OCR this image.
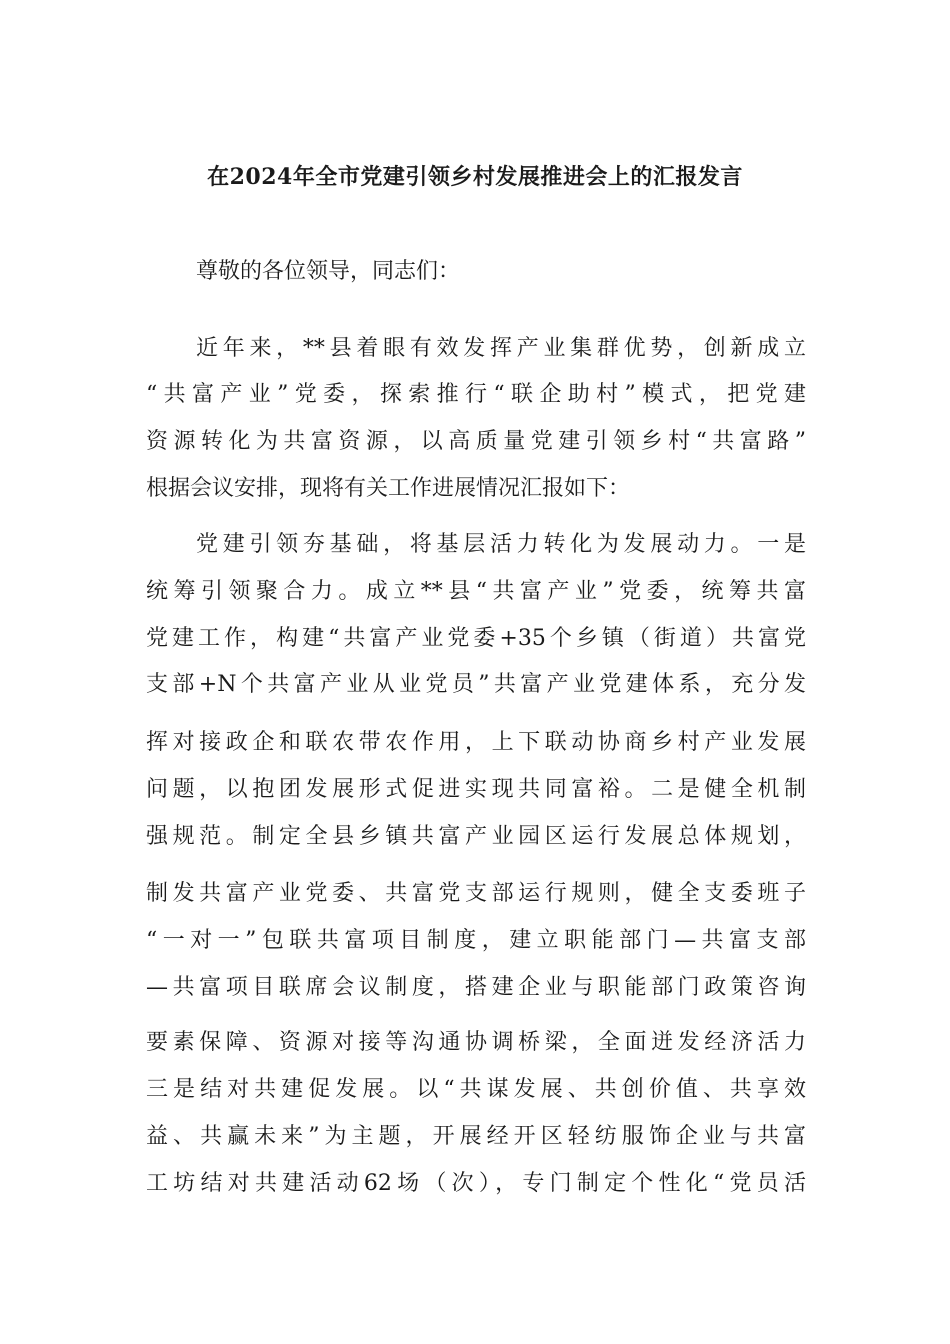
在2024年全市党建引领乡村发展推进会上的汇报发言
尊敬的各位领导，同志们：
近年来，**县着眼有效发挥产业集群优势，创新成立
“共富产业”党委，探索推行“联企助村”模式，把党建
资源转化为共富资源，以高质量党建引领乡村“共富路”
根据会议安排，现将有关工作进展情况汇报如下：
党建引领夯基础，将基层活力转化为发展动力。一是
统筹引领聚合力。成立**县“共富产业”党委，统筹共富
党建工作，构建“共富产业党委+35个乡镇（街道）共富党
支部+N个共富产业从业党员”共富产业党建体系，充分发
挥对接政企和联农带农作用，上下联动协商乡村产业发展
问题，以抱团发展形式促进实现共同富裕。二是健全机制
强规范。制定全县乡镇共富产业园区运行发展总体规划，
制发共富产业党委、共富党支部运行规则，健全支委班子
“一对一”包联共富项目制度，建立职能部门—共富支部
—共富项目联席会议制度，搭建企业与职能部门政策咨询
要素保障、资源对接等沟通协调桥梁，全面迸发经济活力
三是结对共建促发展。以“共谋发展、共创价值、共享效
益、共赢未来”为主题，开展经开区轻纺服饰企业与共富
工坊结对共建活动62场（次），专门制定个性化“党员活
